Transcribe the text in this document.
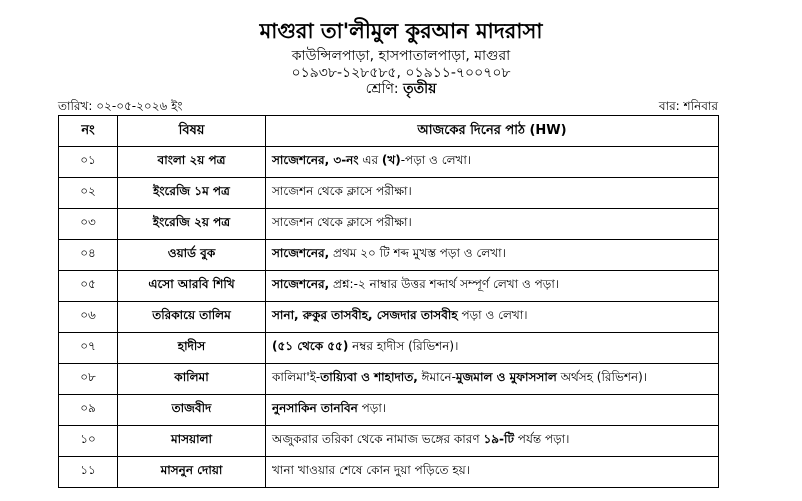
মাগুরা তা'লীমুল কুরআন মাদরাসা
কাউন্সিলপাড়া, হাসপাতালপাড়া, মাগুরা
০১৯৩৮-১২৮৫৮৫, ০১৯১১-৭০০৭০৮
শ্রেণি: তৃতীয়
তারিখ: ০২-০৫-২০২৬ ইং	বার: শনিবার
নং	বিষয়	আজকের দিনের পাঠ (HW)
০১	বাংলা ২য় পত্র	সাজেশনের, ৩-নং এর (খ)-পড়া ও লেখা।
০২	ইংরেজি ১ম পত্র	সাজেশন থেকে ক্লাসে পরীক্ষা।
০৩	ইংরেজি ২য় পত্র	সাজেশন থেকে ক্লাসে পরীক্ষা।
০৪	ওয়ার্ড বুক	সাজেশনের, প্রথম ২০ টি শব্দ মুখস্ত পড়া ও লেখা।
০৫	এসো আরবি শিখি	সাজেশনের, প্রশ্ন:-২ নাম্বার উত্তর শব্দার্থ সম্পূর্ণ লেখা ও পড়া।
০৬	তরিকায়ে তালিম	সানা, রুকুর তাসবীহ, সেজদার তাসবীহ পড়া ও লেখা।
০৭	হাদীস	(৫১ থেকে ৫৫) নম্বর হাদীস (রিভিশন)।
০৮	কালিমা	কালিমা'ই-তায়্যিবা ও শাহাদাত, ঈমানে-মুজমাল ও মুফাসসাল অর্থসহ (রিভিশন)।
০৯	তাজবীদ	নুনসাকিন তানবিন পড়া।
১০	মাসয়ালা	অজুকরার তরিকা থেকে নামাজ ভঙ্গের কারণ ১৯-টি পর্যন্ত পড়া।
১১	মাসনুন দোয়া	খানা খাওয়ার শেষে কোন দুয়া পড়িতে হয়।
